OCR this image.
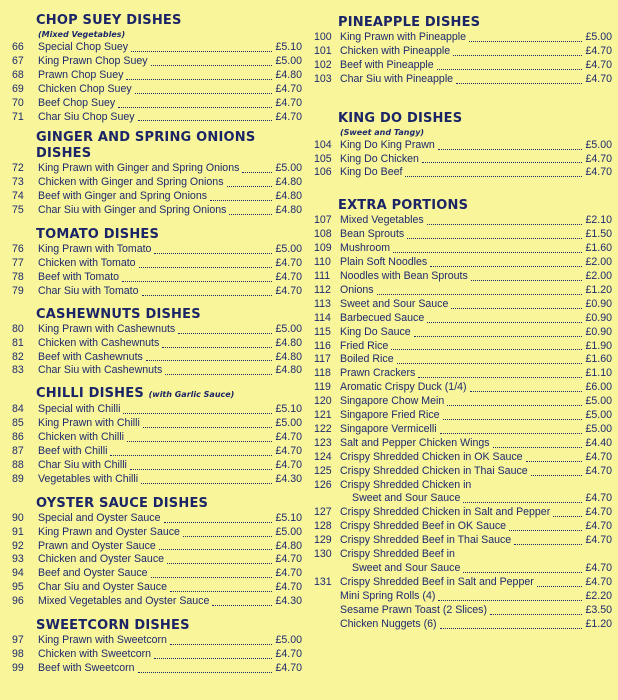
CHOP SUEY DISHES
(Mixed Vegetables)
66	Special Chop Suey	£5.10
67	King Prawn Chop Suey	£5.00
68	Prawn Chop Suey	£4.80
69	Chicken Chop Suey	£4.70
70	Beef Chop Suey	£4.70
71	Char Siu Chop Suey	£4.70
GINGER AND SPRING ONIONS DISHES
72	King Prawn with Ginger and Spring Onions	£5.00
73	Chicken with Ginger and Spring Onions	£4.80
74	Beef with Ginger and Spring Onions	£4.80
75	Char Siu with Ginger and Spring Onions	£4.80
TOMATO DISHES
76	King Prawn with Tomato	£5.00
77	Chicken with Tomato	£4.70
78	Beef with Tomato	£4.70
79	Char Siu with Tomato	£4.70
CASHEWNUTS DISHES
80	King Prawn with Cashewnuts	£5.00
81	Chicken with Cashewnuts	£4.80
82	Beef with Cashewnuts	£4.80
83	Char Siu with Cashewnuts	£4.80
CHILLI DISHES (with Garlic Sauce)
84	Special with Chilli	£5.10
85	King Prawn with Chilli	£5.00
86	Chicken with Chilli	£4.70
87	Beef with Chilli	£4.70
88	Char Siu with Chilli	£4.70
89	Vegetables with Chilli	£4.30
OYSTER SAUCE DISHES
90	Special and Oyster Sauce	£5.10
91	King Prawn and Oyster Sauce	£5.00
92	Prawn and Oyster Sauce	£4.80
93	Chicken and Oyster Sauce	£4.70
94	Beef and Oyster Sauce	£4.70
95	Char Siu and Oyster Sauce	£4.70
96	Mixed Vegetables and Oyster Sauce	£4.30
SWEETCORN DISHES
97	King Prawn with Sweetcorn	£5.00
98	Chicken with Sweetcorn	£4.70
99	Beef with Sweetcorn	£4.70
PINEAPPLE DISHES
100 King Prawn with Pineapple	£5.00
101 Chicken with Pineapple	£4.70
102 Beef with Pineapple	£4.70
103 Char Siu with Pineapple	£4.70
KING DO DISHES
(Sweet and Tangy)
104 King Do King Prawn	£5.00
105 King Do Chicken	£4.70
106 King Do Beef	£4.70
EXTRA PORTIONS
107 Mixed Vegetables	£2.10
108 Bean Sprouts	£1.50
109 Mushroom	£1.60
110 Plain Soft Noodles	£2.00
111 Noodles with Bean Sprouts	£2.00
112 Onions	£1.20
113 Sweet and Sour Sauce	£0.90
114 Barbecued Sauce	£0.90
115 King Do Sauce	£0.90
116 Fried Rice	£1.90
117 Boiled Rice	£1.60
118 Prawn Crackers	£1.10
119 Aromatic Crispy Duck (1/4)	£6.00
120 Singapore Chow Mein	£5.00
121 Singapore Fried Rice	£5.00
122 Singapore Vermicelli	£5.00
123 Salt and Pepper Chicken Wings	£4.40
124 Crispy Shredded Chicken in OK Sauce	£4.70
125 Crispy Shredded Chicken in Thai Sauce	£4.70
126 Crispy Shredded Chicken in
Sweet and Sour Sauce	£4.70
127 Crispy Shredded Chicken in Salt and Pepper	£4.70
128 Crispy Shredded Beef in OK Sauce	£4.70
129 Crispy Shredded Beef in Thai Sauce	£4.70
130 Crispy Shredded Beef in
Sweet and Sour Sauce	£4.70
131 Crispy Shredded Beef in Salt and Pepper	£4.70
Mini Spring Rolls (4)	£2.20
Sesame Prawn Toast (2 Slices)	£3.50
Chicken Nuggets (6)	£1.20
